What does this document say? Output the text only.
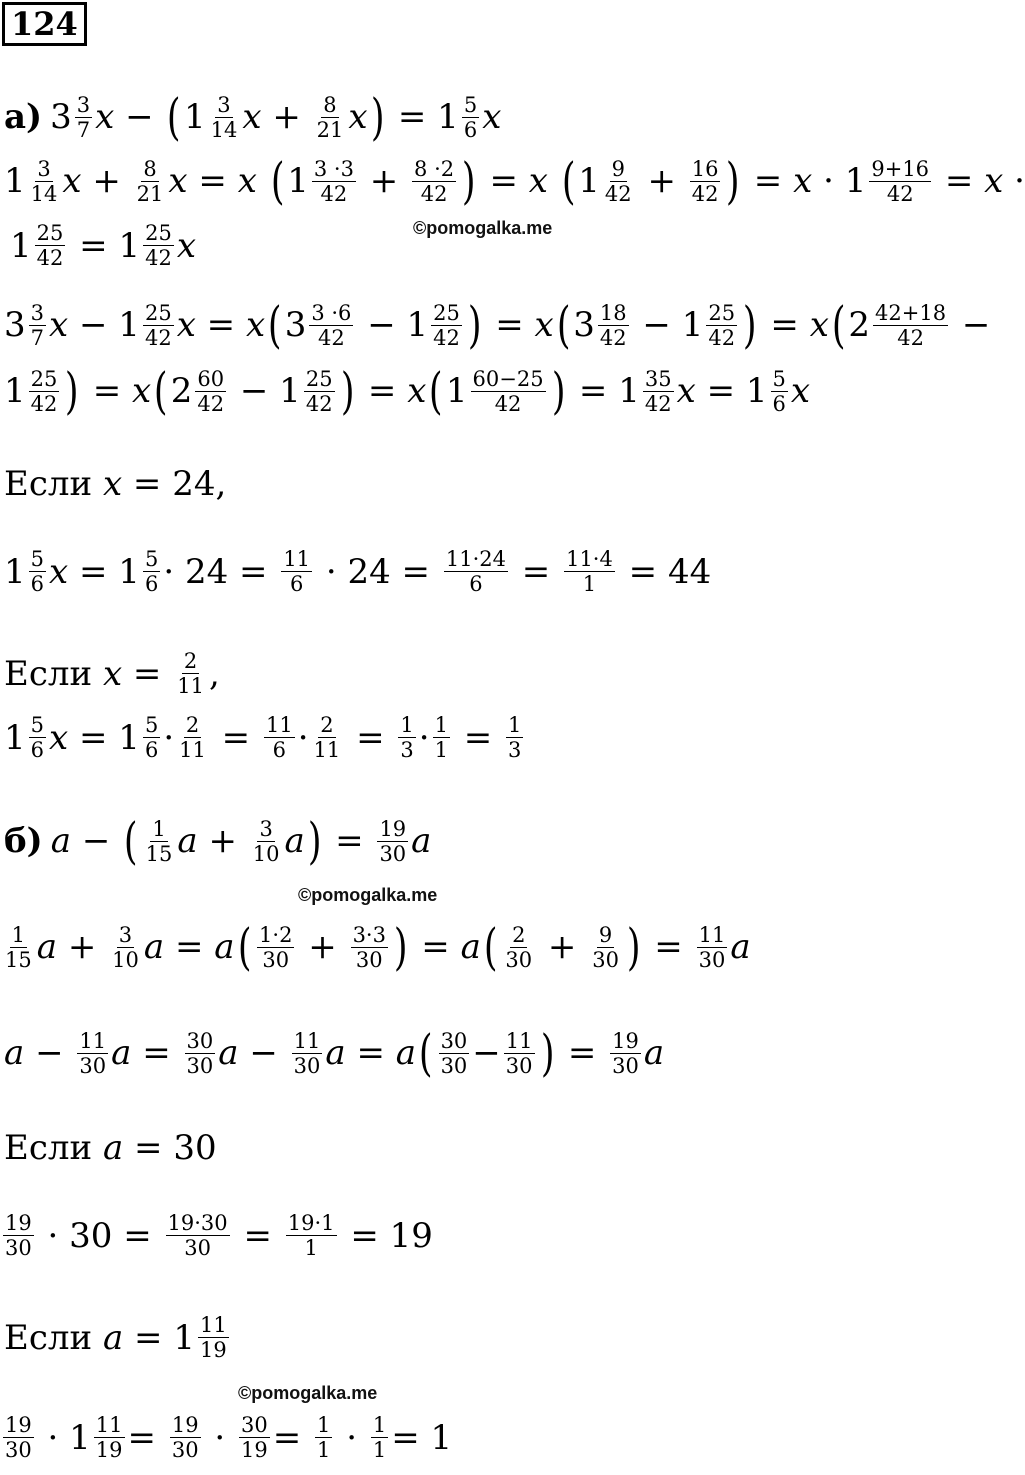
124
©pomogalka.me
©pomogalka.me
©pomogalka.me
а) 3 3
7 x − ( 1 3
14 x + 8
21 x ) = 1 5
6 x
1 3
14 x + 8
21 x = x
( 1 3 ·3
42 + 8 ·2
42 ) = x
( 1 9
42 + 16
42 ) = x · 1 9+16
42 = x ·
1 25
42 = 1 25
42 x
3 3
7 x − 1 25
42 x = x ( 3 3 ·6
42 − 1 25
42 ) = x ( 3 18
42 − 1 25
42 ) = x ( 2 42+18
42 −
1 25
42 ) = x ( 2 60
42 − 1 25
42 ) = x ( 1 60−25
42 ) = 1 35
42 x = 1 5
6 x
Если
x = 24,
1 5
6 x = 1 5
6 · 24 = 11
6 · 24 = 11·24
6 = 11·4
1 = 44
Если
x = 2
11 ,
1 5
6 x = 1 5
6 · 2
11 = 11
6 · 2
11 = 1
3 · 1
1 = 1
3
б) a − ( 1
15 a + 3
10 a ) = 19
30 a
1
15 a + 3
10 a = a ( 1·2
30 + 3·3
30 ) = a ( 2
30 + 9
30 ) = 11
30 a
a − 11
30 a = 30
30 a − 11
30 a = a ( 30
30 − 11
30 ) = 19
30 a
Если
a = 30
19
30 · 30 = 19·30
30 = 19·1
1 = 19
Если
a = 1 11
19
19
30 · 1 11
19 = 19
30 · 30
19 = 1
1 · 1
1 = 1
